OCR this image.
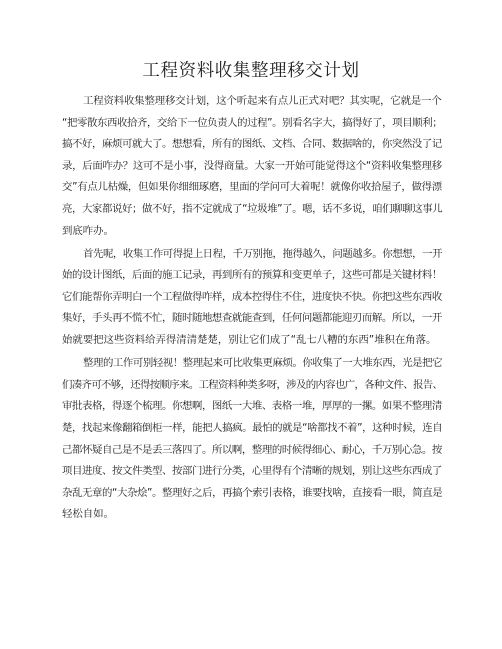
工程资料收集整理移交计划
工程资料收集整理移交计划，这个听起来有点儿正式对吧？其实呢，它就是一个
“把零散东西收拾齐，交给下一位负责人的过程”。别看名字大，搞得好了，项目顺利；
搞不好，麻烦可就大了。想想看，所有的图纸、文档、合同、数据啥的，你突然没了记
录，后面咋办？这可不是小事，没得商量。大家一开始可能觉得这个“资料收集整理移
交”有点儿枯燥，但如果你细细琢磨，里面的学问可大着呢！就像你收拾屋子，做得漂
亮，大家都说好；做不好，指不定就成了“垃圾堆”了。嗯，话不多说，咱们聊聊这事儿
到底咋办。
首先呢，收集工作可得提上日程，千万别拖，拖得越久，问题越多。你想想，一开
始的设计图纸，后面的施工记录，再到所有的预算和变更单子，这些可都是关键材料！
它们能帮你弄明白一个工程做得咋样，成本控得住不住，进度快不快。你把这些东西收
集好，手头再不慌不忙，随时随地想查就能查到，任何问题都能迎刃而解。所以，一开
始就要把这些资料给弄得清清楚楚，别让它们成了“乱七八糟的东西”堆积在角落。
整理的工作可别轻视！整理起来可比收集更麻烦。你收集了一大堆东西，光是把它
们凑齐可不够，还得按顺序来。工程资料种类多呀，涉及的内容也广，各种文件、报告、
审批表格，得逐个梳理。你想啊，图纸一大堆、表格一堆，厚厚的一摞。如果不整理清
楚，找起来像翻箱倒柜一样，能把人搞疯。最怕的就是“啥都找不着”，这种时候，连自
己都怀疑自己是不是丢三落四了。所以啊，整理的时候得细心、耐心，千万别心急。按
项目进度、按文件类型、按部门进行分类，心里得有个清晰的规划，别让这些东西成了
杂乱无章的“大杂烩”。整理好之后，再搞个索引表格，谁要找啥，直接看一眼，简直是
轻松自如。
